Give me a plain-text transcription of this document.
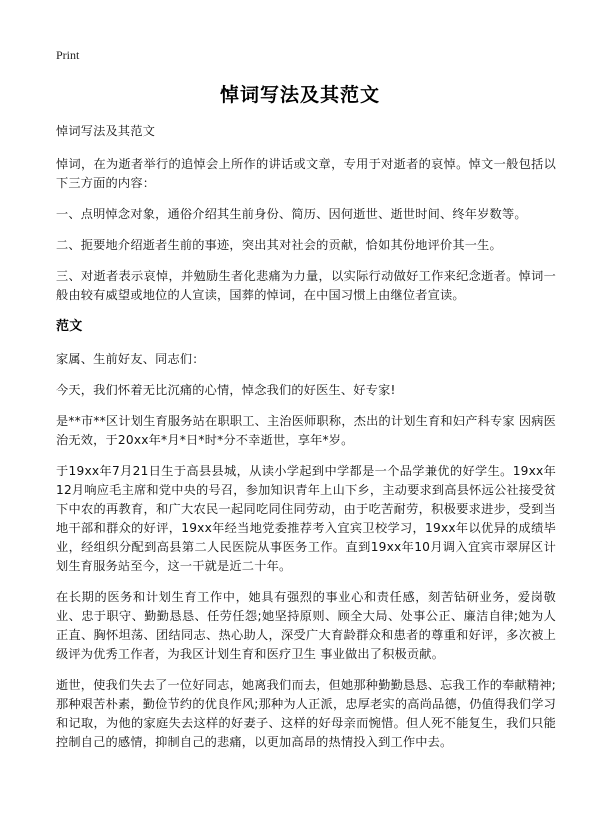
Print
悼词写法及其范文

悼词写法及其范文

悼词，在为逝者举行的追悼会上所作的讲话或文章，专用于对逝者的哀悼。悼文一般包括以下三方面的内容：

一、点明悼念对象，通俗介绍其生前身份、简历、因何逝世、逝世时间、终年岁数等。

二、扼要地介绍逝者生前的事迹，突出其对社会的贡献，恰如其份地评价其一生。

三、对逝者表示哀悼，并勉励生者化悲痛为力量，以实际行动做好工作来纪念逝者。悼词一般由较有威望或地位的人宣读，国葬的悼词，在中国习惯上由继位者宣读。

范文

家属、生前好友、同志们：

今天，我们怀着无比沉痛的心情，悼念我们的好医生、好专家!

是**市**区计划生育服务站在职职工、主治医师职称，杰出的计划生育和妇产科专家 因病医治无效，于20xx年*月*日*时*分不幸逝世，享年*岁。

于19xx年7月21日生于高县县城，从读小学起到中学都是一个品学兼优的好学生。19xx年12月响应毛主席和党中央的号召，参加知识青年上山下乡，主动要求到高县怀远公社接受贫下中农的再教育，和广大农民一起同吃同住同劳动，由于吃苦耐劳，积极要求进步，受到当地干部和群众的好评，19xx年经当地党委推荐考入宜宾卫校学习，19xx年以优异的成绩毕业，经组织分配到高县第二人民医院从事医务工作。直到19xx年10月调入宜宾市翠屏区计划生育服务站至今，这一干就是近二十年。

在长期的医务和计划生育工作中，她具有强烈的事业心和责任感，刻苦钻研业务，爱岗敬业、忠于职守、勤勤恳恳、任劳任怨;她坚持原则、顾全大局、处事公正、廉洁自律;她为人正直、胸怀坦荡、团结同志、热心助人，深受广大育龄群众和患者的尊重和好评，多次被上级评为优秀工作者，为我区计划生育和医疗卫生 事业做出了积极贡献。

逝世，使我们失去了一位好同志，她离我们而去，但她那种勤勤恳恳、忘我工作的奉献精神;那种艰苦朴素，勤俭节约的优良作风;那种为人正派，忠厚老实的高尚品德，仍值得我们学习和记取，为他的家庭失去这样的好妻子、这样的好母亲而惋惜。但人死不能复生，我们只能控制自己的感情，抑制自己的悲痛，以更加高昂的热情投入到工作中去。
